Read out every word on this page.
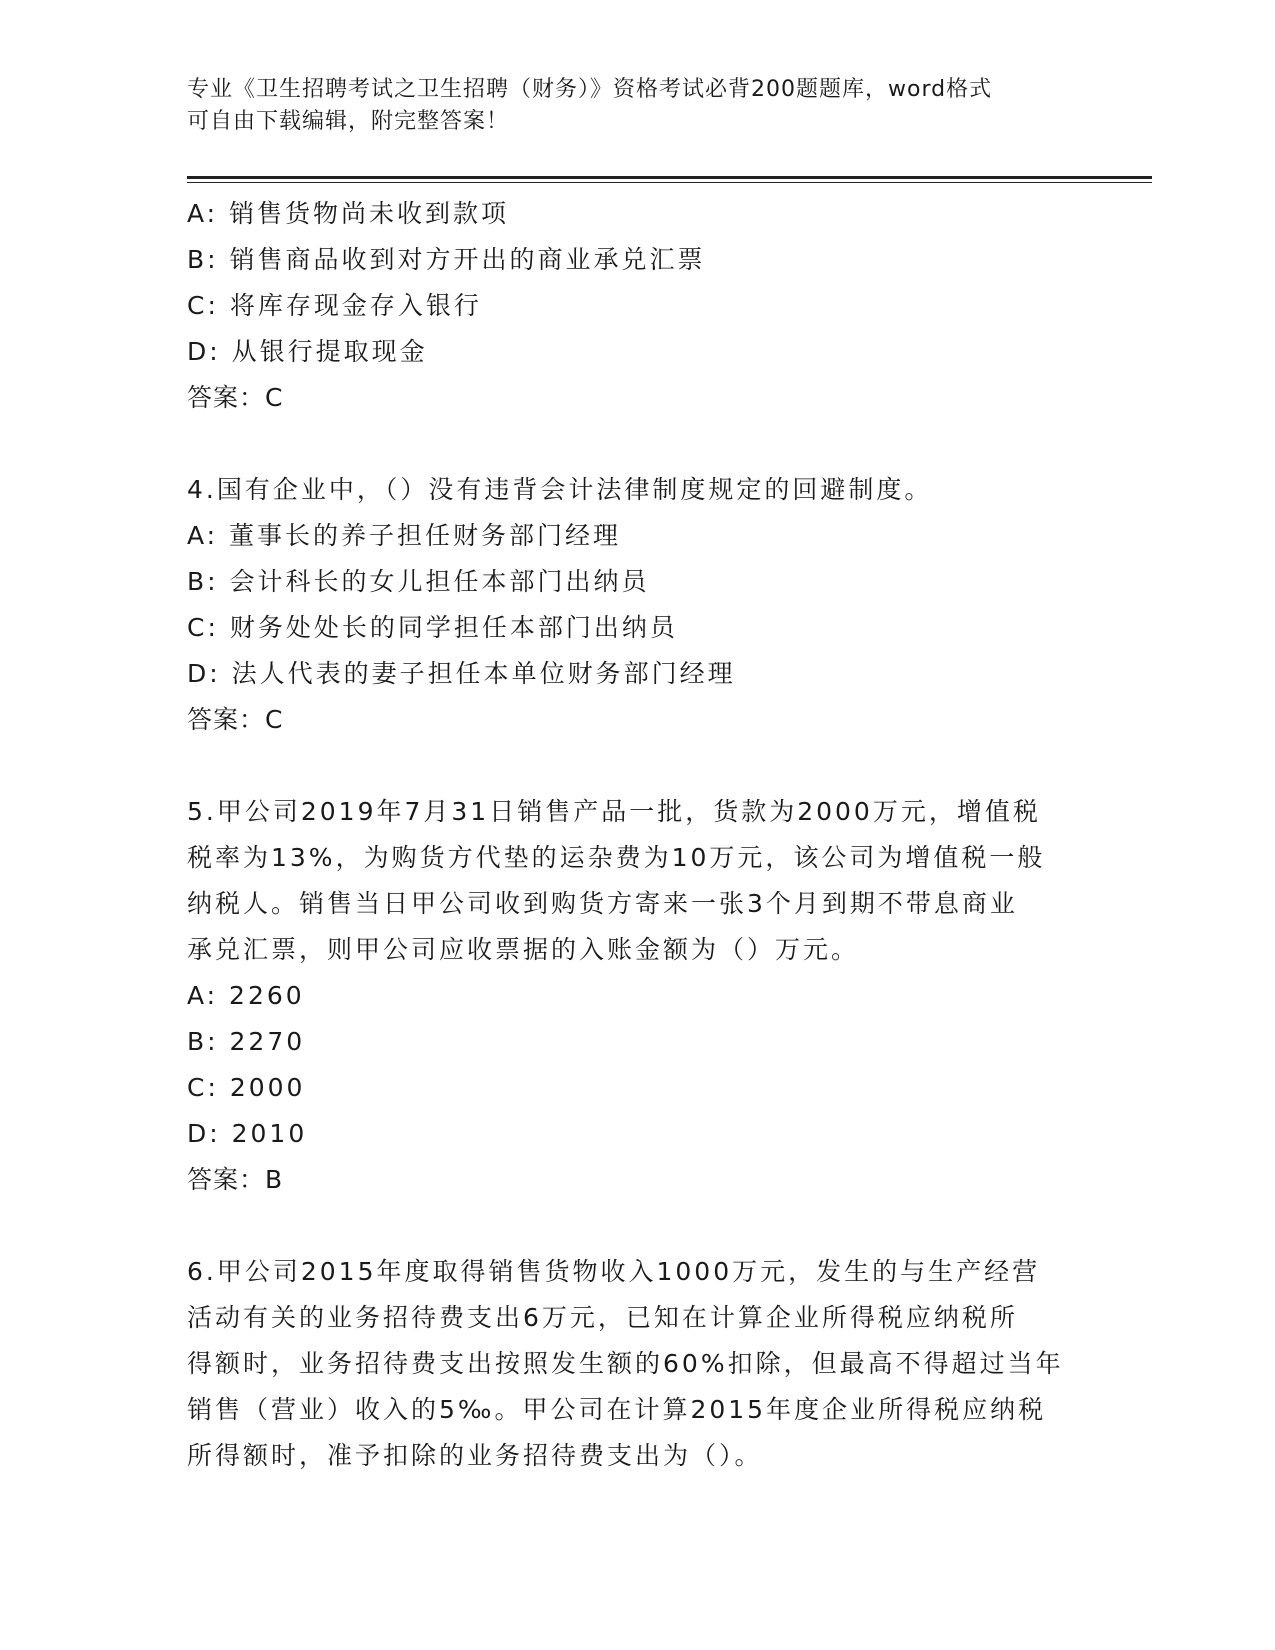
专业《卫生招聘考试之卫生招聘（财务）》资格考试必背200题题库，word格式
可自由下载编辑，附完整答案！
A: 销售货物尚未收到款项
B: 销售商品收到对方开出的商业承兑汇票
C: 将库存现金存入银行
D: 从银行提取现金
答案：C
4.国有企业中，（）没有违背会计法律制度规定的回避制度。
A: 董事长的养子担任财务部门经理
B: 会计科长的女儿担任本部门出纳员
C: 财务处处长的同学担任本部门出纳员
D: 法人代表的妻子担任本单位财务部门经理
答案：C
5.甲公司2019年7月31日销售产品一批，货款为2000万元，增值税
税率为13%，为购货方代垫的运杂费为10万元，该公司为增值税一般
纳税人。销售当日甲公司收到购货方寄来一张3个月到期不带息商业
承兑汇票，则甲公司应收票据的入账金额为（）万元。
A: 2260
B: 2270
C: 2000
D: 2010
答案：B
6.甲公司2015年度取得销售货物收入1000万元，发生的与生产经营
活动有关的业务招待费支出6万元，已知在计算企业所得税应纳税所
得额时，业务招待费支出按照发生额的60%扣除，但最高不得超过当年
销售（营业）收入的5‰。甲公司在计算2015年度企业所得税应纳税
所得额时，准予扣除的业务招待费支出为（）。
